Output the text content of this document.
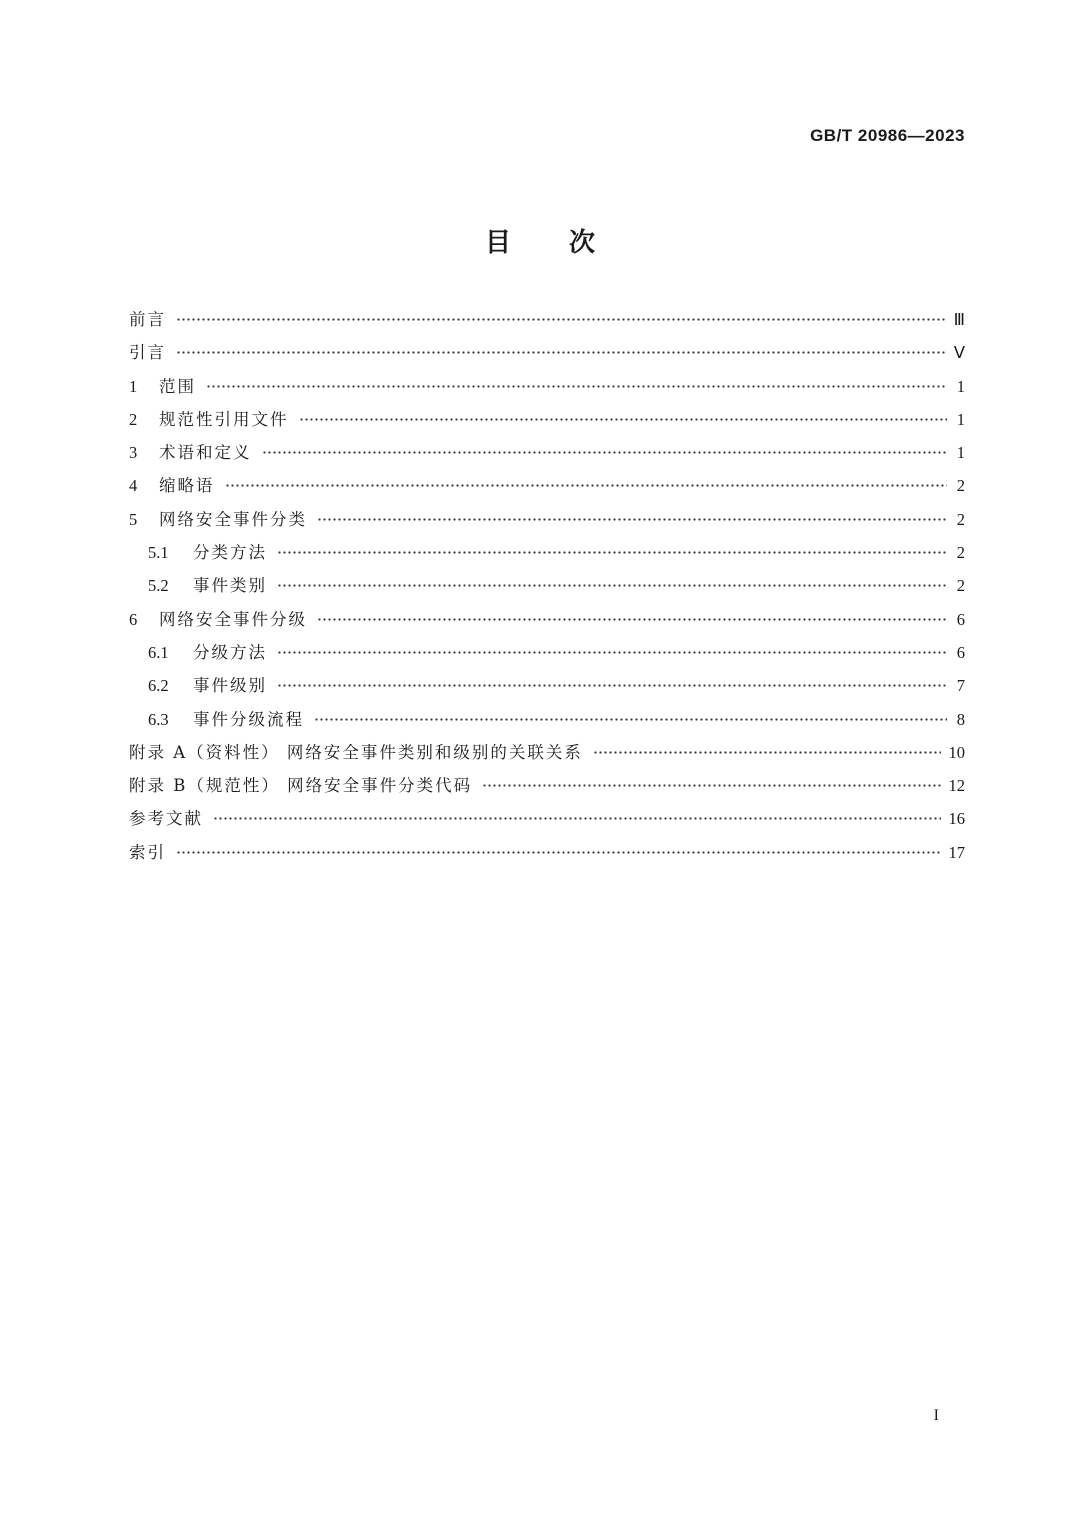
GB/T 20986—2023
目次
前言	Ⅲ
引言	Ⅴ
1	范围	1
2	规范性引用文件	1
3	术语和定义	1
4	缩略语	2
5	网络安全事件分类	2
5.1	分类方法	2
5.2	事件类别	2
6	网络安全事件分级	6
6.1	分级方法	6
6.2	事件级别	7
6.3	事件分级流程	8
附录 A（资料性） 网络安全事件类别和级别的关联关系	10
附录 B（规范性） 网络安全事件分类代码	12
参考文献	16
索引	17
I
